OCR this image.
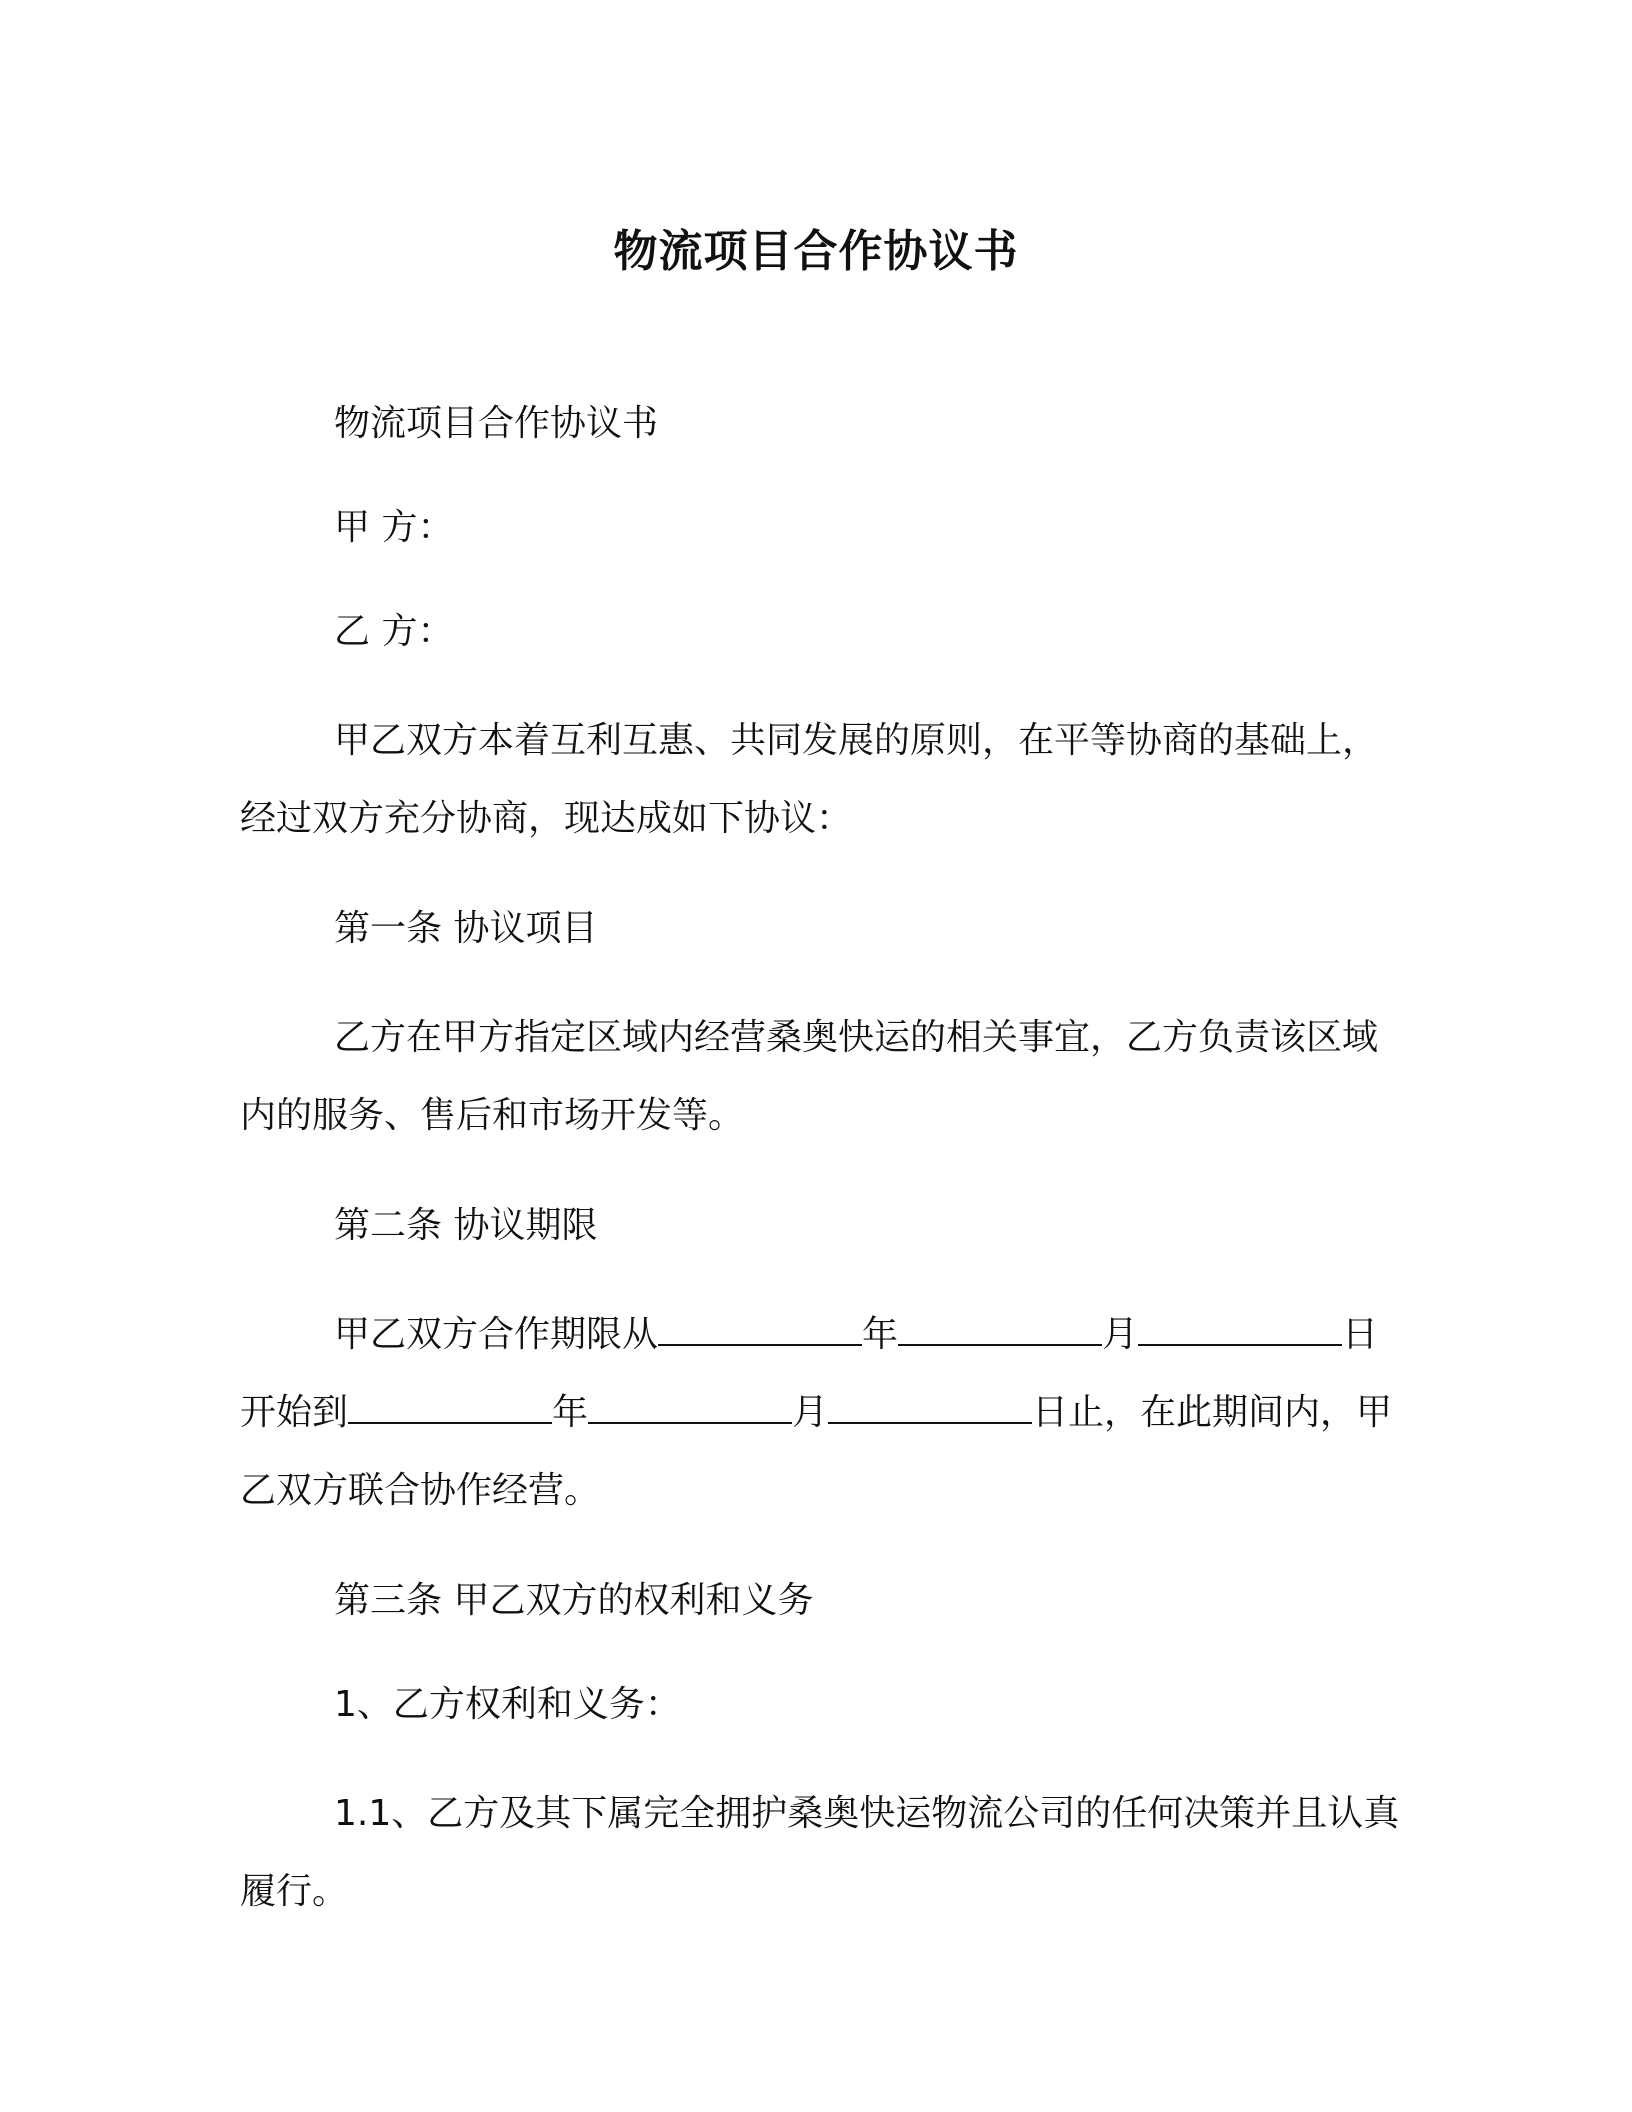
物流项目合作协议书

物流项目合作协议书

甲 方：

乙 方：

甲乙双方本着互利互惠、共同发展的原则，在平等协商的基础上，经过双方充分协商，现达成如下协议：

第一条 协议项目

乙方在甲方指定区域内经营桑奥快运的相关事宜，乙方负责该区域内的服务、售后和市场开发等。

第二条 协议期限

甲乙双方合作期限从	年	月	日开始到	年	月	日止，在此期间内，甲乙双方联合协作经营。

第三条 甲乙双方的权利和义务

1、乙方权利和义务：

1.1、乙方及其下属完全拥护桑奥快运物流公司的任何决策并且认真履行。
